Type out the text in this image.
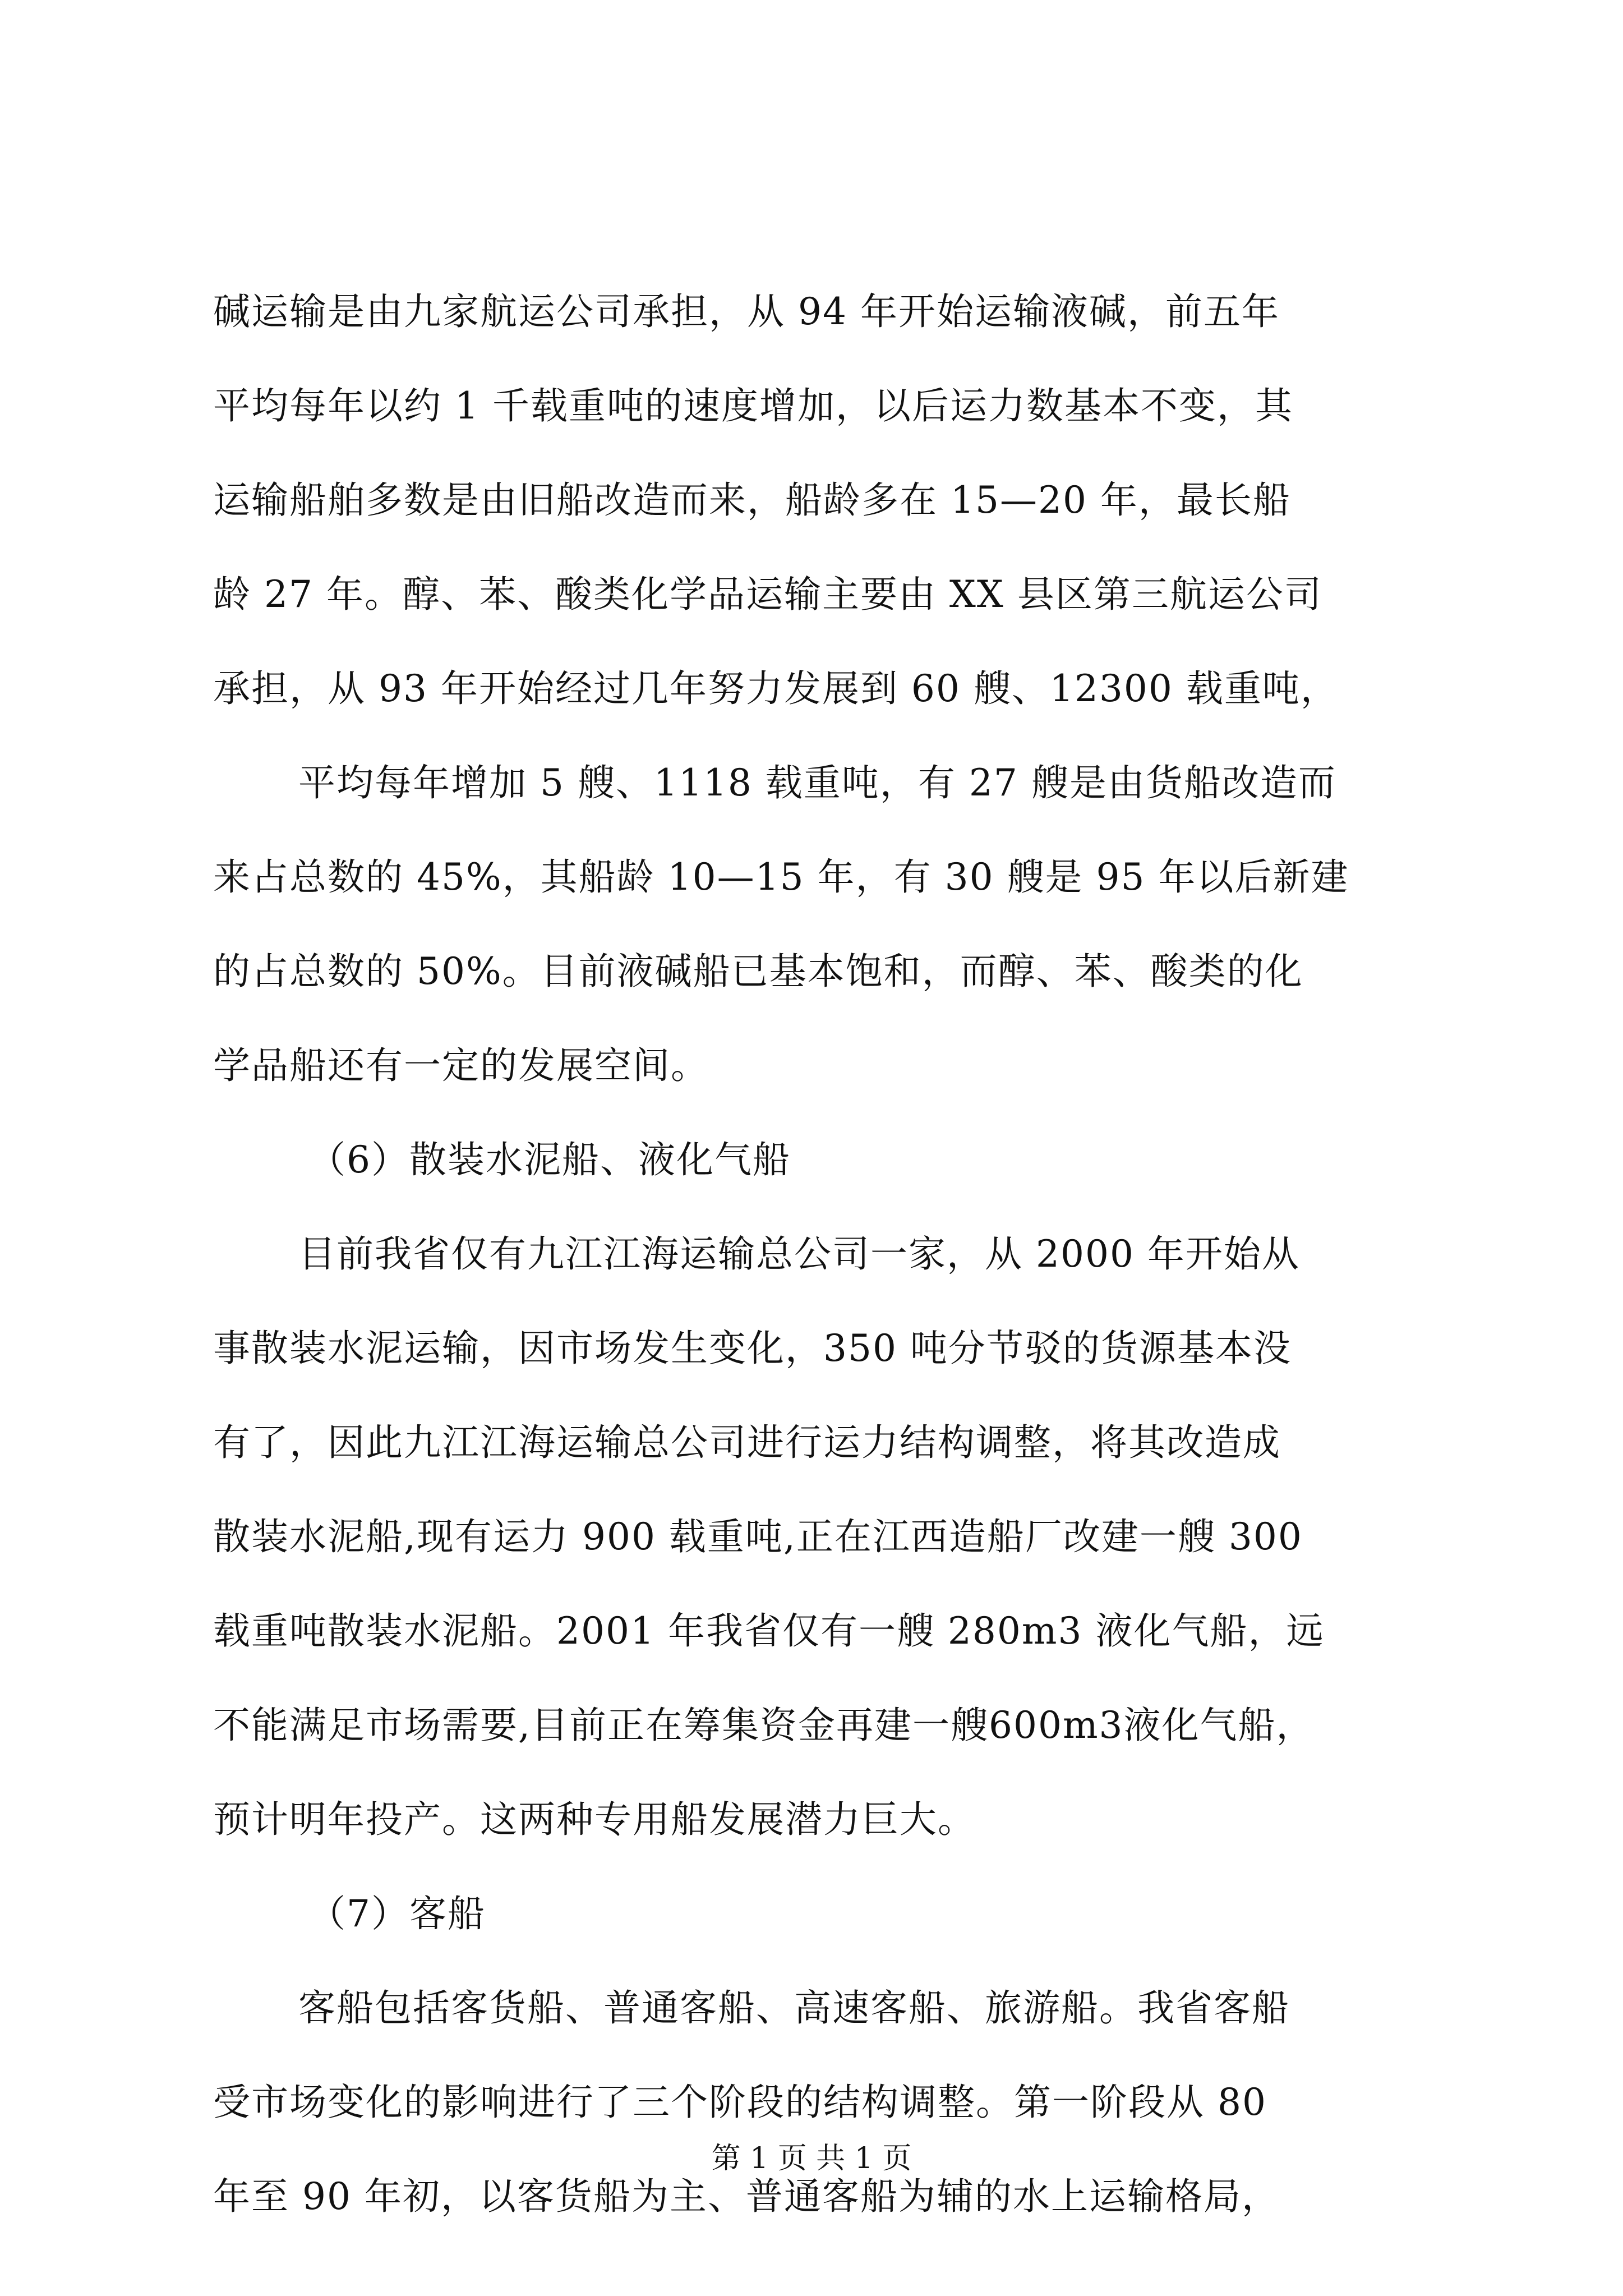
碱运输是由九家航运公司承担，从 94 年开始运输液碱，前五年
平均每年以约 1 千载重吨的速度增加，以后运力数基本不变，其
运输船舶多数是由旧船改造而来，船龄多在 15—20 年，最长船
龄 27 年。醇、苯、酸类化学品运输主要由 XX 县区第三航运公司
承担，从 93 年开始经过几年努力发展到 60 艘、12300 载重吨，
平均每年增加 5 艘、1118 载重吨，有 27 艘是由货船改造而
来占总数的 45%，其船龄 10—15 年，有 30 艘是 95 年以后新建
的占总数的 50%。目前液碱船已基本饱和，而醇、苯、酸类的化
学品船还有一定的发展空间。
（6）散装水泥船、液化气船
目前我省仅有九江江海运输总公司一家，从 2000 年开始从
事散装水泥运输，因市场发生变化，350 吨分节驳的货源基本没
有了，因此九江江海运输总公司进行运力结构调整，将其改造成
散装水泥船,现有运力 900 载重吨,正在江西造船厂改建一艘 300
载重吨散装水泥船。2001 年我省仅有一艘 280m3 液化气船，远
不能满足市场需要,目前正在筹集资金再建一艘600m3液化气船，
预计明年投产。这两种专用船发展潜力巨大。
（7）客船
客船包括客货船、普通客船、高速客船、旅游船。我省客船
受市场变化的影响进行了三个阶段的结构调整。第一阶段从 80
年至 90 年初，以客货船为主、普通客船为辅的水上运输格局，
第 1 页 共 1 页
